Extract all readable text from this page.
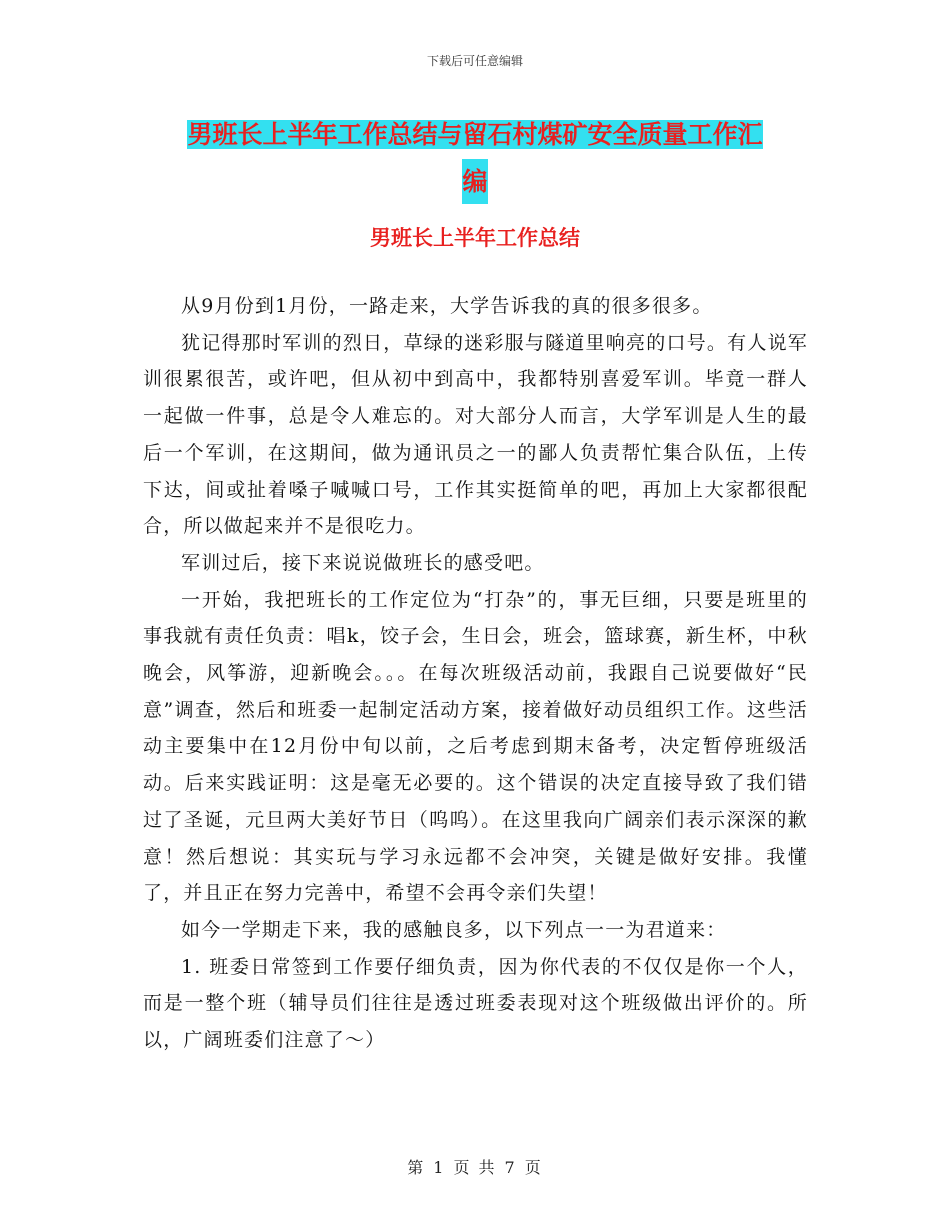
下载后可任意编辑
男班长上半年工作总结与留石村煤矿安全质量工作汇
编
男班长上半年工作总结

从9月份到1月份，一路走来，大学告诉我的真的很多很多。

犹记得那时军训的烈日，草绿的迷彩服与隧道里响亮的口号。有人说军训很累很苦，或许吧，但从初中到高中，我都特别喜爱军训。毕竟一群人一起做一件事，总是令人难忘的。对大部分人而言，大学军训是人生的最后一个军训，在这期间，做为通讯员之一的鄙人负责帮忙集合队伍，上传下达，间或扯着嗓子喊喊口号，工作其实挺简单的吧，再加上大家都很配合，所以做起来并不是很吃力。

军训过后，接下来说说做班长的感受吧。

一开始，我把班长的工作定位为“打杂”的，事无巨细，只要是班里的事我就有责任负责：唱k，饺子会，生日会，班会，篮球赛，新生杯，中秋晚会，风筝游，迎新晚会。。。在每次班级活动前，我跟自己说要做好“民意”调查，然后和班委一起制定活动方案，接着做好动员组织工作。这些活动主要集中在12月份中旬以前，之后考虑到期末备考，决定暂停班级活动。后来实践证明：这是毫无必要的。这个错误的决定直接导致了我们错过了圣诞，元旦两大美好节日（呜呜）。在这里我向广阔亲们表示深深的歉意！然后想说：其实玩与学习永远都不会冲突，关键是做好安排。我懂了，并且正在努力完善中，希望不会再令亲们失望！

如今一学期走下来，我的感触良多，以下列点一一为君道来：

1. 班委日常签到工作要仔细负责，因为你代表的不仅仅是你一个人，而是一整个班（辅导员们往往是透过班委表现对这个班级做出评价的。所以，广阔班委们注意了～）

第 1 页 共 7 页
